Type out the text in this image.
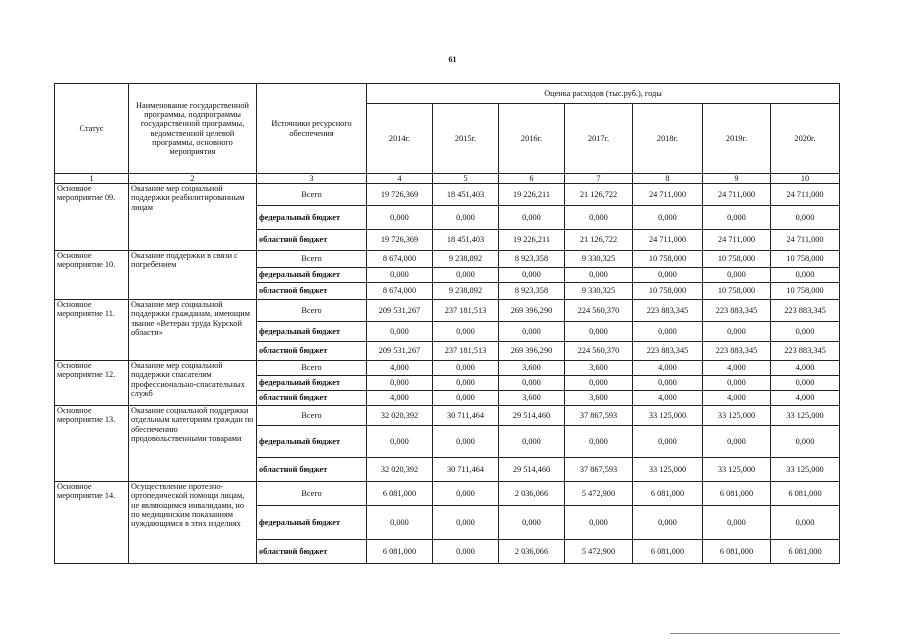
61
Статус	Наименование государственной программы, подпрограммы государственной программы, ведомственной целевой программы, основного мероприятия	Источники ресурсного обеспечения	Оценка расходов (тыс.руб.), годы						
			2014г.	2015г.	2016г.	2017г.	2018г.	2019г.	2020г.
1	2	3	4	5	6	7	8	9	10
Основное мероприятие 09.	Оказание мер социальной поддержки реабилитированным лицам	Всего	19 726,369	18 451,403	19 226,211	21 126,722	24 711,000	24 711,000	24 711,000
		федеральный бюджет	0,000	0,000	0,000	0,000	0,000	0,000	0,000
		областной бюджет	19 726,369	18 451,403	19 226,211	21 126,722	24 711,000	24 711,000	24 711,000
Основное мероприятие 10.	Оказание поддержки в связи с погребением	Всего	8 674,000	9 238,892	8 923,358	9 330,325	10 758,000	10 758,000	10 758,000
		федеральный бюджет	0,000	0,000	0,000	0,000	0,000	0,000	0,000
		областной бюджет	8 674,000	9 238,892	8 923,358	9 330,325	10 758,000	10 758,000	10 758,000
Основное мероприятие 11.	Оказание мер социальной поддержки гражданам, имеющим звание «Ветеран труда Курской области»	Всего	209 531,267	237 181,513	269 396,290	224 560,370	223 883,345	223 883,345	223 883,345
		федеральный бюджет	0,000	0,000	0,000	0,000	0,000	0,000	0,000
		областной бюджет	209 531,267	237 181,513	269 396,290	224 560,370	223 883,345	223 883,345	223 883,345
Основное мероприятие 12.	Оказание мер социальной поддержки спасателям профессионально-спасательных служб	Всего	4,000	0,000	3,600	3,600	4,000	4,000	4,000
		федеральный бюджет	0,000	0,000	0,000	0,000	0,000	0,000	0,000
		областной бюджет	4,000	0,000	3,600	3,600	4,000	4,000	4,000
Основное мероприятие 13.	Оказание социальной поддержки отдельным категориям граждан по обеспечению продовольственными товарами	Всего	32 020,392	30 711,464	29 514,460	37 867,593	33 125,000	33 125,000	33 125,000
		федеральный бюджет	0,000	0,000	0,000	0,000	0,000	0,000	0,000
		областной бюджет	32 020,392	30 711,464	29 514,460	37 867,593	33 125,000	33 125,000	33 125,000
Основное мероприятие 14.	Осуществление протезно-ортопедической помощи лицам, не являющимся инвалидами, но по медицинским показаниям нуждающимся в этих изделиях	Всего	6 081,000	0,000	2 036,066	5 472,900	6 081,000	6 081,000	6 081,000
		федеральный бюджет	0,000	0,000	0,000	0,000	0,000	0,000	0,000
		областной бюджет	6 081,000	0,000	2 036,066	5 472,900	6 081,000	6 081,000	6 081,000
